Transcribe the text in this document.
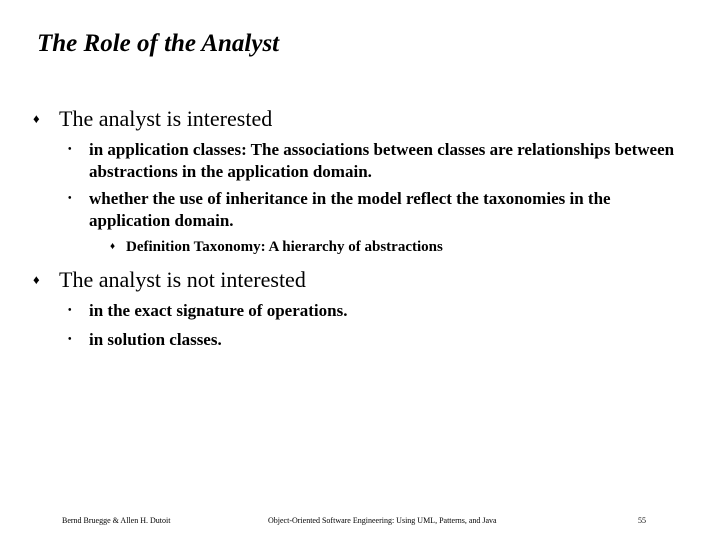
The Role of the Analyst
♦ The analyst is interested
•	in application classes: The associations between classes are relationships between abstractions in the application domain.
•	whether the use of inheritance in the model reflect the taxonomies in the application domain.
♦ Definition Taxonomy: A hierarchy of abstractions
♦ The analyst is not interested
•	in the exact signature of operations.
•	in solution classes.
Bernd Bruegge & Allen H. Dutoit	Object-Oriented Software Engineering: Using UML, Patterns, and Java	55
